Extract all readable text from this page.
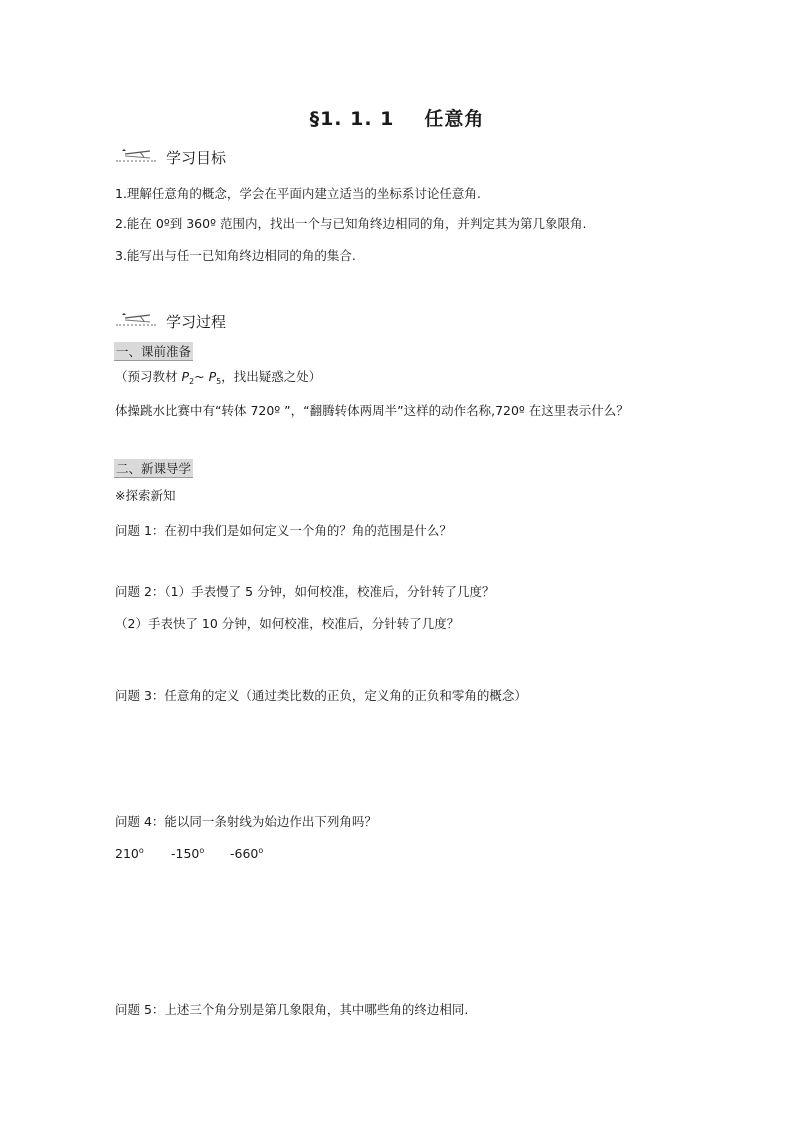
§1. 1. 1 任意角
学习目标
1.理解任意角的概念，学会在平面内建立适当的坐标系讨论任意角.
2.能在 0º到 360º 范围内，找出一个与已知角终边相同的角，并判定其为第几象限角.
3.能写出与任一已知角终边相同的角的集合.
学习过程
一、课前准备
（预习教材 $P_2\sim$ $P_5$，找出疑惑之处）
体操跳水比赛中有“转体 720º ”，“翻腾转体两周半”这样的动作名称,720º 在这里表示什么？
二、新课导学
※探索新知
问题 1：在初中我们是如何定义一个角的？角的范围是什么？
问题 2：（1）手表慢了 5 分钟，如何校准，校准后，分针转了几度？
（2）手表快了 10 分钟，如何校准，校准后，分针转了几度？
问题 3：任意角的定义（通过类比数的正负，定义角的正负和零角的概念）
问题 4：能以同一条射线为始边作出下列角吗？
210$^o$ -150$^o$ -660$^o$
问题 5：上述三个角分别是第几象限角，其中哪些角的终边相同.
